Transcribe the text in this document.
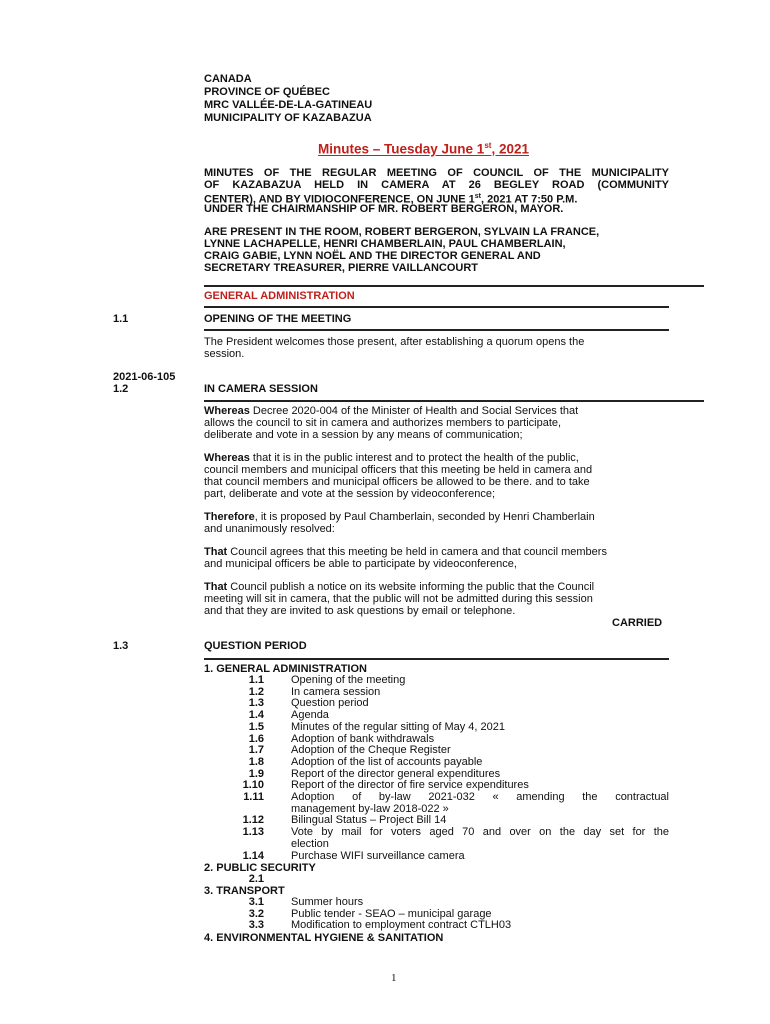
CANADA
PROVINCE OF QUÉBEC
MRC VALLÉE-DE-LA-GATINEAU
MUNICIPALITY OF KAZABAZUA
Minutes – Tuesday June 1st, 2021
MINUTES OF THE REGULAR MEETING OF COUNCIL OF THE MUNICIPALITY
OF KAZABAZUA HELD IN CAMERA AT 26 BEGLEY ROAD (COMMUNITY
CENTER), AND BY VIDIOCONFERENCE, ON JUNE 1st, 2021 AT 7:50 P.M.
UNDER THE CHAIRMANSHIP OF MR. ROBERT BERGERON, MAYOR.
ARE PRESENT IN THE ROOM, ROBERT BERGERON, SYLVAIN LA FRANCE,
LYNNE LACHAPELLE, HENRI CHAMBERLAIN, PAUL CHAMBERLAIN,
CRAIG GABIE, LYNN NOËL AND THE DIRECTOR GENERAL AND
SECRETARY TREASURER, PIERRE VAILLANCOURT
GENERAL ADMINISTRATION
1.1	OPENING OF THE MEETING
The President welcomes those present, after establishing a quorum opens the
session.
2021-06-105
1.2	IN CAMERA SESSION
Whereas Decree 2020-004 of the Minister of Health and Social Services that
allows the council to sit in camera and authorizes members to participate,
deliberate and vote in a session by any means of communication;
Whereas that it is in the public interest and to protect the health of the public,
council members and municipal officers that this meeting be held in camera and
that council members and municipal officers be allowed to be there. and to take
part, deliberate and vote at the session by videoconference;
Therefore, it is proposed by Paul Chamberlain, seconded by Henri Chamberlain
and unanimously resolved:
That Council agrees that this meeting be held in camera and that council members
and municipal officers be able to participate by videoconference,
That Council publish a notice on its website informing the public that the Council
meeting will sit in camera, that the public will not be admitted during this session
and that they are invited to ask questions by email or telephone.
CARRIED
1.3	QUESTION PERIOD
1. GENERAL ADMINISTRATION
1.1 Opening of the meeting
1.2 In camera session
1.3 Question period
1.4 Agenda
1.5 Minutes of the regular sitting of May 4, 2021
1.6 Adoption of bank withdrawals
1.7 Adoption of the Cheque Register
1.8 Adoption of the list of accounts payable
1.9 Report of the director general expenditures
1.10 Report of the director of fire service expenditures
1.11 Adoption of by-law 2021-032 « amending the contractual
management by-law 2018-022 »
1.12 Bilingual Status – Project Bill 14
1.13 Vote by mail for voters aged 70 and over on the day set for the
election
1.14 Purchase WIFI surveillance camera
2. PUBLIC SECURITY
2.1
3. TRANSPORT
3.1 Summer hours
3.2 Public tender - SEAO – municipal garage
3.3 Modification to employment contract CTLH03
4. ENVIRONMENTAL HYGIENE & SANITATION
1
